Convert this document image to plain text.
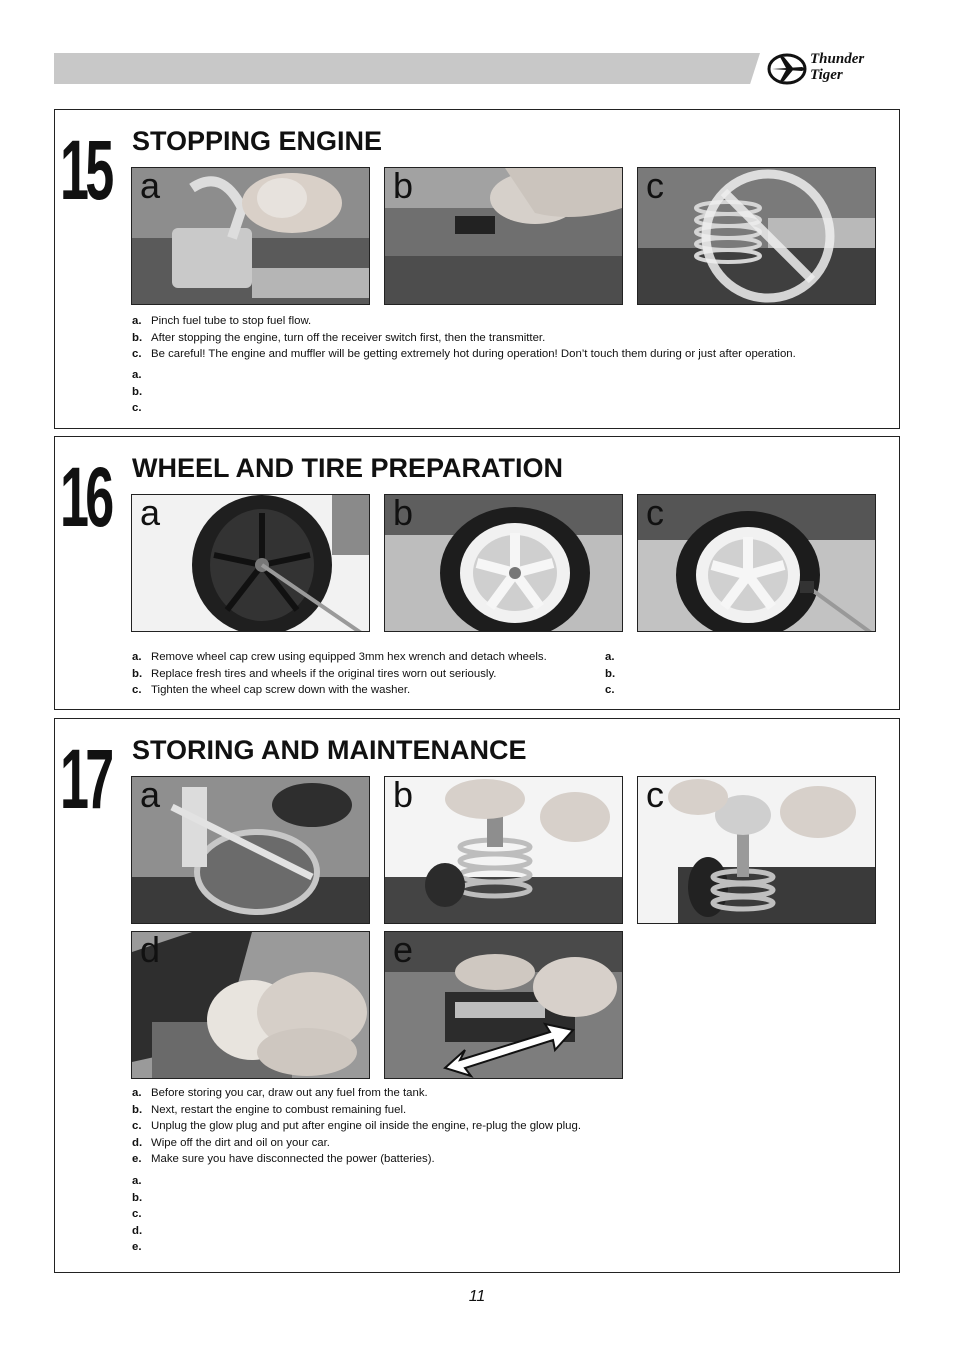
Thunder
Tiger
15 STOPPING ENGINE
a	b	c
a. Pinch fuel tube to stop fuel flow.
b. After stopping the engine, turn off the receiver switch first, then the transmitter.
c. Be careful! The engine and muffler will be getting extremely hot during operation! Don’t touch them during or just after operation.
a.
b.
c.
16 WHEEL AND TIRE PREPARATION
a	b	c
a. Remove wheel cap crew using equipped 3mm hex wrench and detach wheels.
b. Replace fresh tires and wheels if the original tires worn out seriously.
c. Tighten the wheel cap screw down with the washer.
a.
b.
c.
17 STORING AND MAINTENANCE
a	b	c
d	e
a. Before storing you car, draw out any fuel from the tank.
b. Next, restart the engine to combust remaining fuel.
c. Unplug the glow plug and put after engine oil inside the engine, re-plug the glow plug.
d. Wipe off the dirt and oil on your car.
e. Make sure you have disconnected the power (batteries).
a.
b.
c.
d.
e.
11
